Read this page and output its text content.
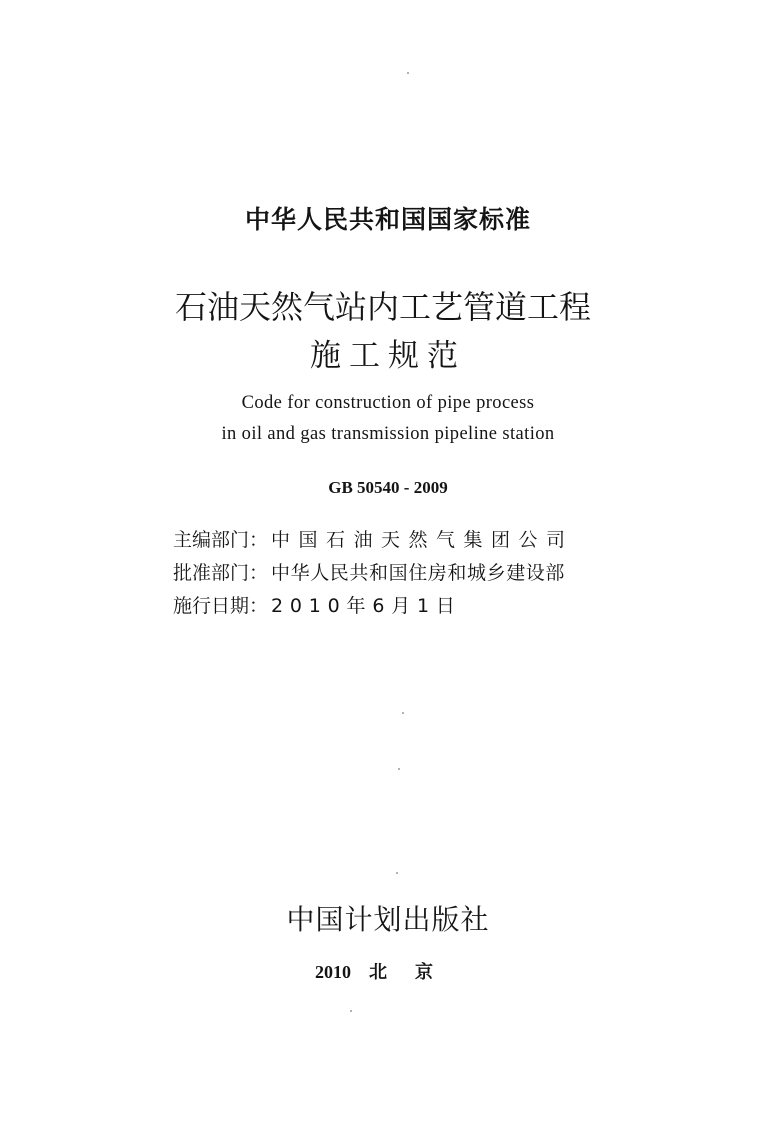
中华人民共和国国家标准
石油天然气站内工艺管道工程
施工规范
Code for construction of pipe process
in oil and gas transmission pipeline station
GB 50540 - 2009
主编部门： 中国石油天然气集团公司
批准部门： 中华人民共和国住房和城乡建设部
施行日期： 2010年6月1日
中国计划出版社
2010 北京
